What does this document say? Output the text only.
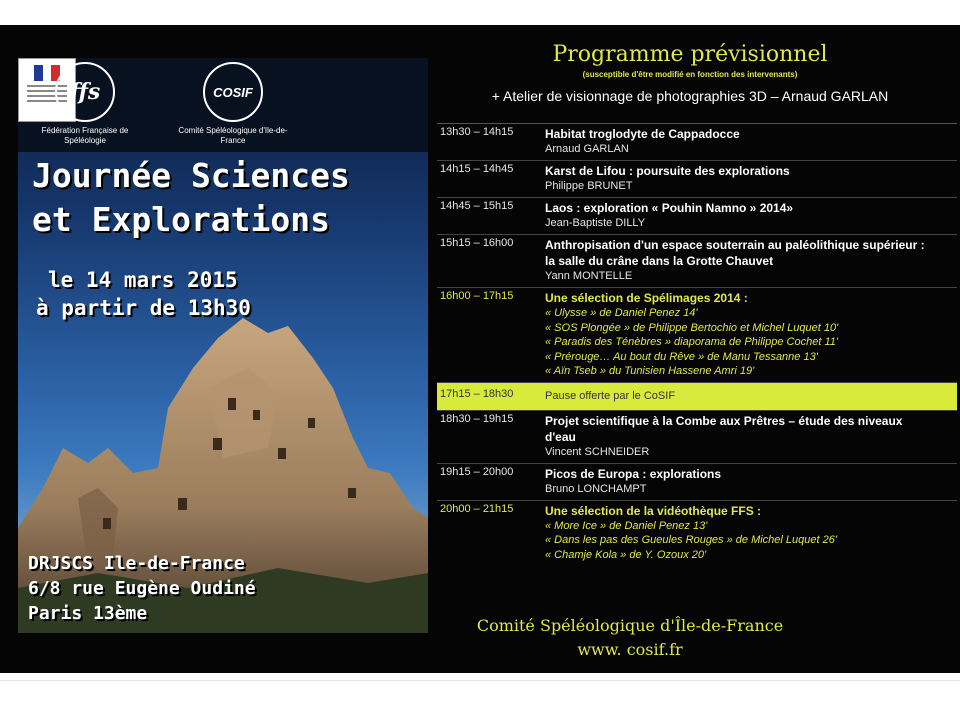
ffs
Fédération Française de Spéléologie
COSIF
Comité Spéléologique d'Ile-de-France
Journée Sciences
et Explorations
le 14 mars 2015
à partir de 13h30
DRJSCS Ile-de-France
6/8 rue Eugène Oudiné
Paris 13ème
Programme prévisionnel
(susceptible d'être modifié en fonction des intervenants)
+ Atelier de visionnage de photographies 3D – Arnaud GARLAN
13h30 – 14h15	Habitat troglodyte de Cappadocce
Arnaud GARLAN
14h15 – 14h45	Karst de Lifou : poursuite des explorations
Philippe BRUNET
14h45 – 15h15	Laos : exploration « Pouhin Namno » 2014»
Jean-Baptiste DILLY
15h15 – 16h00	Anthropisation d'un espace souterrain au paléolithique supérieur : la salle du crâne dans la Grotte Chauvet
Yann MONTELLE
16h00 – 17h15	Une sélection de Spélimages 2014 :
« Ulysse » de Daniel Penez 14'
« SOS Plongée » de Philippe Bertochio et Michel Luquet 10'
« Paradis des Ténèbres » diaporama de Philippe Cochet 11'
« Prérouge… Au bout du Rêve » de Manu Tessanne 13'
« Aïn Tseb » du Tunisien Hassene Amri 19'
17h15 – 18h30	Pause offerte par le CoSIF
18h30 – 19h15	Projet scientifique à la Combe aux Prêtres – étude des niveaux d'eau
Vincent SCHNEIDER
19h15 – 20h00	Picos de Europa : explorations
Bruno LONCHAMPT
20h00 – 21h15	Une sélection de la vidéothèque FFS :
« More Ice » de Daniel Penez 13'
« Dans les pas des Gueules Rouges » de Michel Luquet 26'
« Chamje Kola » de Y. Ozoux 20'
Comité Spéléologique d'Île-de-France
www. cosif.fr
